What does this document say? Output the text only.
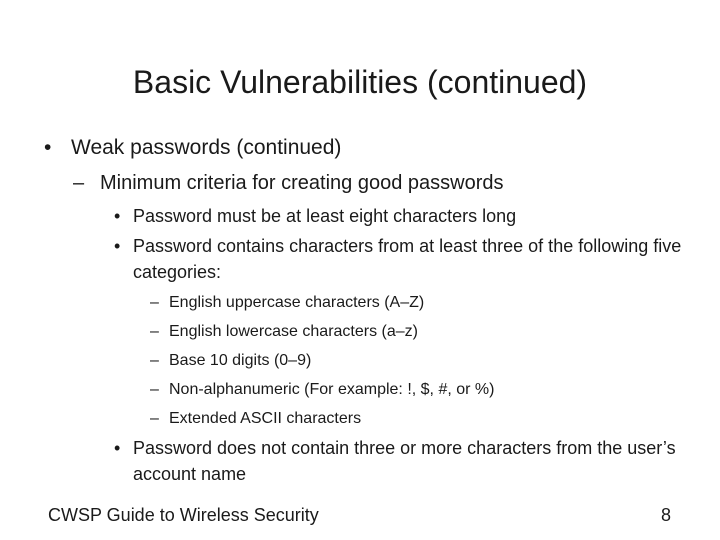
Basic Vulnerabilities (continued)
• Weak passwords (continued)
– Minimum criteria for creating good passwords
• Password must be at least eight characters long
• Password contains characters from at least three of the following five categories:
– English uppercase characters (A–Z)
– English lowercase characters (a–z)
– Base 10 digits (0–9)
– Non-alphanumeric (For example: !, $, #, or %)
– Extended ASCII characters
• Password does not contain three or more characters from the user’s account name
CWSP Guide to Wireless Security	8
